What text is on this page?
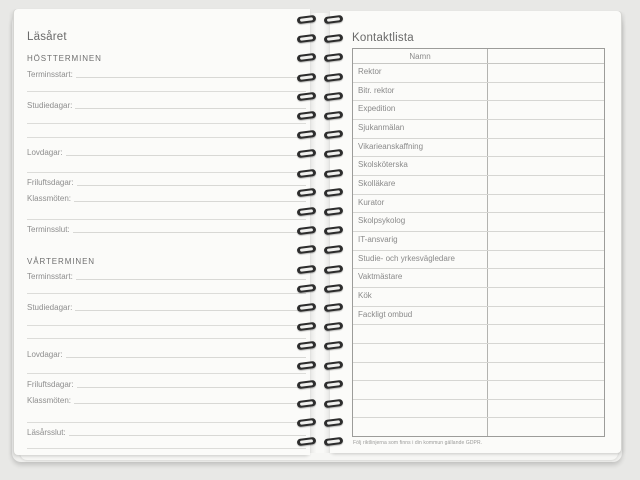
Läsåret
HÖSTTERMINEN
Terminsstart:
Studiedagar:
Lovdagar:
Friluftsdagar:
Klassmöten:
Terminsslut:
VÅRTERMINEN
Terminsstart:
Studiedagar:
Lovdagar:
Friluftsdagar:
Klassmöten:
Läsårsslut:
Kontaktlista
Namn
Rektor
Bitr. rektor
Expedition
Sjukanmälan
Vikarieanskaffning
Skolsköterska
Skolläkare
Kurator
Skolpsykolog
IT-ansvarig
Studie- och yrkesvägledare
Vaktmästare
Kök
Fackligt ombud
Följ riktlinjerna som finns i din kommun gällande GDPR.
